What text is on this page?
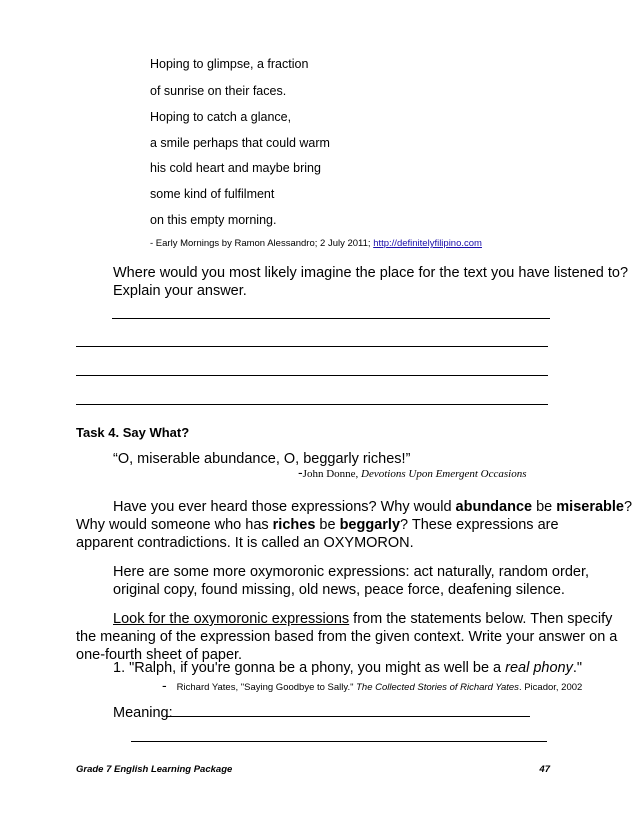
Hoping to glimpse, a fraction
of sunrise on their faces.
Hoping to catch a glance,
a smile perhaps that could warm
his cold heart and maybe bring
some kind of fulfilment
on this empty morning.
- Early Mornings by Ramon Alessandro; 2 July 2011; http://definitelyfilipino.com
Where would you most likely imagine the place for the text you have listened to?
Explain your answer.
Task 4. Say What?
“O, miserable abundance, O, beggarly riches!”
-John Donne, Devotions Upon Emergent Occasions
Have you ever heard those expressions? Why would abundance be miserable?
Why would someone who has riches be beggarly? These expressions are
apparent contradictions. It is called an OXYMORON.
Here are some more oxymoronic expressions: act naturally, random order,
original copy, found missing, old news, peace force, deafening silence.
Look for the oxymoronic expressions from the statements below. Then specify
the meaning of the expression based from the given context. Write your answer on a
one-fourth sheet of paper.
1. "Ralph, if you're gonna be a phony, you might as well be a real phony."
- Richard Yates, "Saying Goodbye to Sally." The Collected Stories of Richard Yates. Picador, 2002
Meaning:
Grade 7 English Learning Package	47
